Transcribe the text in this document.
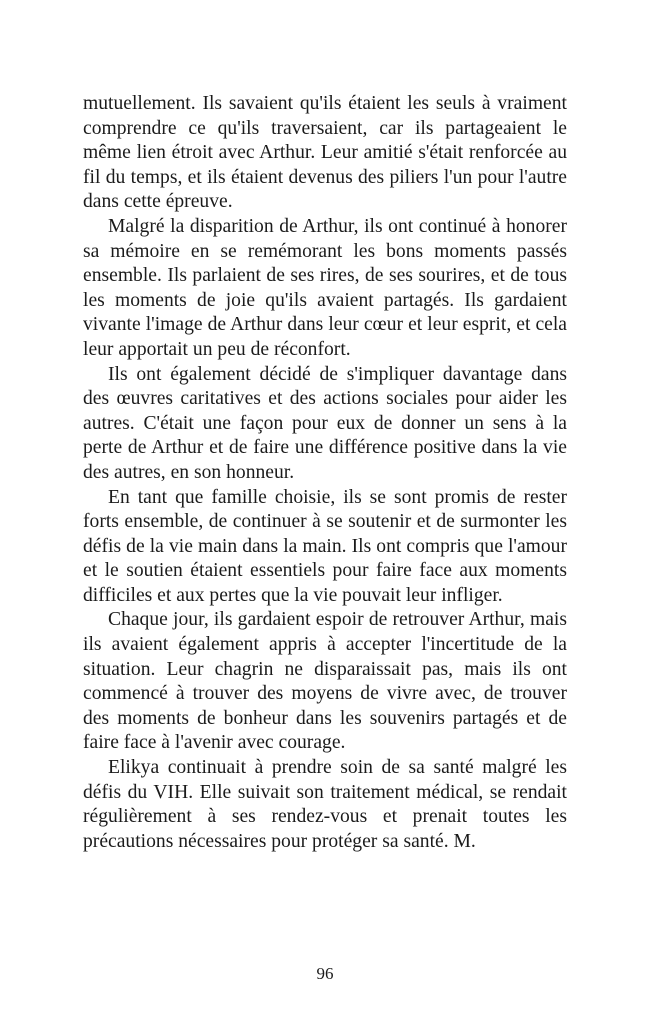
mutuellement. Ils savaient qu'ils étaient les seuls à vraiment comprendre ce qu'ils traversaient, car ils partageaient le même lien étroit avec Arthur. Leur amitié s'était renforcée au fil du temps, et ils étaient devenus des piliers l'un pour l'autre dans cette épreuve.

Malgré la disparition de Arthur, ils ont continué à honorer sa mémoire en se remémorant les bons moments passés ensemble. Ils parlaient de ses rires, de ses sourires, et de tous les moments de joie qu'ils avaient partagés. Ils gardaient vivante l'image de Arthur dans leur cœur et leur esprit, et cela leur apportait un peu de réconfort.

Ils ont également décidé de s'impliquer davantage dans des œuvres caritatives et des actions sociales pour aider les autres. C'était une façon pour eux de donner un sens à la perte de Arthur et de faire une différence positive dans la vie des autres, en son honneur.

En tant que famille choisie, ils se sont promis de rester forts ensemble, de continuer à se soutenir et de surmonter les défis de la vie main dans la main. Ils ont compris que l'amour et le soutien étaient essentiels pour faire face aux moments difficiles et aux pertes que la vie pouvait leur infliger.

Chaque jour, ils gardaient espoir de retrouver Arthur, mais ils avaient également appris à accepter l'incertitude de la situation. Leur chagrin ne disparaissait pas, mais ils ont commencé à trouver des moyens de vivre avec, de trouver des moments de bonheur dans les souvenirs partagés et de faire face à l'avenir avec courage.

Elikya continuait à prendre soin de sa santé malgré les défis du VIH. Elle suivait son traitement médical, se rendait régulièrement à ses rendez-vous et prenait toutes les précautions nécessaires pour protéger sa santé. M.

96
